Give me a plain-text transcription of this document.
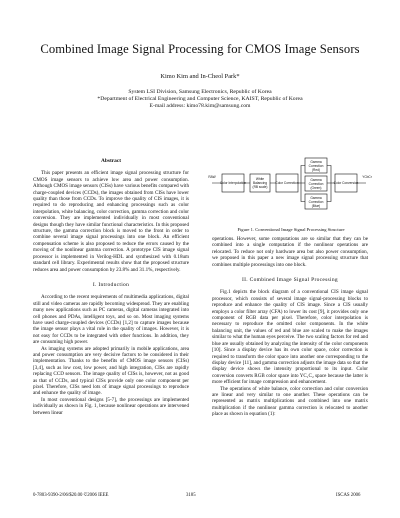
Combined Image Signal Processing for CMOS Image Sensors
Kimo Kim and In-Cheol Park*
System LSI Division, Samsung Electronics, Republic of Korea
*Department of Electrical Engineering and Computer Science, KAIST, Republic of Korea
E-mail address: kimo78.kim@samsung.com

Abstract

This paper presents an efficient image signal processing structure for CMOS image sensors to achieve low area and power consumption. Although CMOS image sensors (CISs) have various benefits compared with charge-coupled devices (CCDs), the images obtained from CISs have lower quality than those from CCDs. To improve the quality of CIS images, it is required to do reproducing and enhancing processings such as color interpolation, white balancing, color correction, gamma correction and color conversion. They are implemented individually in most conventional designs though they have similar functional characteristics. In this proposed structure, the gamma correction block is moved to the front in order to combine several image signal processings into one block. An efficient compensation scheme is also proposed to reduce the errors caused by the moving of the nonlinear gamma correction. A prototype CIS image signal processor is implemented in Verilog-HDL and synthesized with 0.18um standard cell library. Experimental results show that the proposed structure reduces area and power consumption by 23.8% and 31.1%, respectively.

I. Introduction

According to the recent requirements of multimedia applications, digital still and video cameras are rapidly becoming widespread. They are enabling many new applications such as PC cameras, digital cameras integrated into cell phones and PDAs, intelligent toys, and so on. Most imaging systems have used charge-coupled devices (CCDs) [1,2] to capture images because the image sensor plays a vital role in the quality of images. However, it is not easy for CCDs to be integrated with other functions. In addition, they are consuming high power.

As imaging systems are adopted primarily in mobile applications, area and power consumption are very decisive factors to be considered in their implementation. Thanks to the benefits of CMOS image sensors (CISs) [3,4], such as low cost, low power, and high integration, CISs are rapidly replacing CCD sensors. The image quality of CISs is, however, not as good as that of CCDs, and typical CISs provide only one color component per pixel. Therefore, CISs need lots of image signal processings to reproduce and enhance the quality of image.

In most conventional designs [5-7], the processings are implemented individually as shown in Fig. 1, because nonlinear operations are intervened between linear

RAW
Color Interpolation
White
Balancing
(RB scale)
Color Correction
Gamma
Correction
(Red)
Gamma
Correction
(Green)
Gamma
Correction
(Blue)
Color Conversion
YCbCr
Figure 1. Conventional Image Signal Processing Structure

operations. However, some computations are so similar that they can be combined into a single computation if the nonlinear operations are relocated. To reduce not only hardware area but also power consumption, we proposed in this paper a new image signal processing structure that combines multiple processings into one block.

II. Combined Image Signal Processing

Fig.1 depicts the block diagram of a conventional CIS image signal processor, which consists of several image signal-processing blocks to reproduce and enhance the quality of CIS image. Since a CIS usually employs a color filter array (CFA) to lower its cost [9], it provides only one component of RGB data per pixel. Therefore, color interpolation is necessary to reproduce the omitted color components. In the white balancing unit, the values of red and blue are scaled to make the images similar to what the human eyes perceive. The two scaling factors for red and blue are usually obtained by analyzing the intensity of the color components [10]. Since a display device has its own color space, color correction is required to transform the color space into another one corresponding to the display device [11], and gamma correction adjusts the image data so that the display device shows the intensity proportional to its input. Color conversion converts RGB color space into YC₁C₂ space because the latter is more efficient for image compression and enhancement.

The operations of white balance, color correction and color conversion are linear and very similar to one another. These operations can be represented as matrix multiplications and combined into one matrix multiplication if the nonlinear gamma correction is relocated to another place as shown in equation (1):

0-7803-9390-2/06/$20.00 ©2006 IEEE	3185	ISCAS 2006
